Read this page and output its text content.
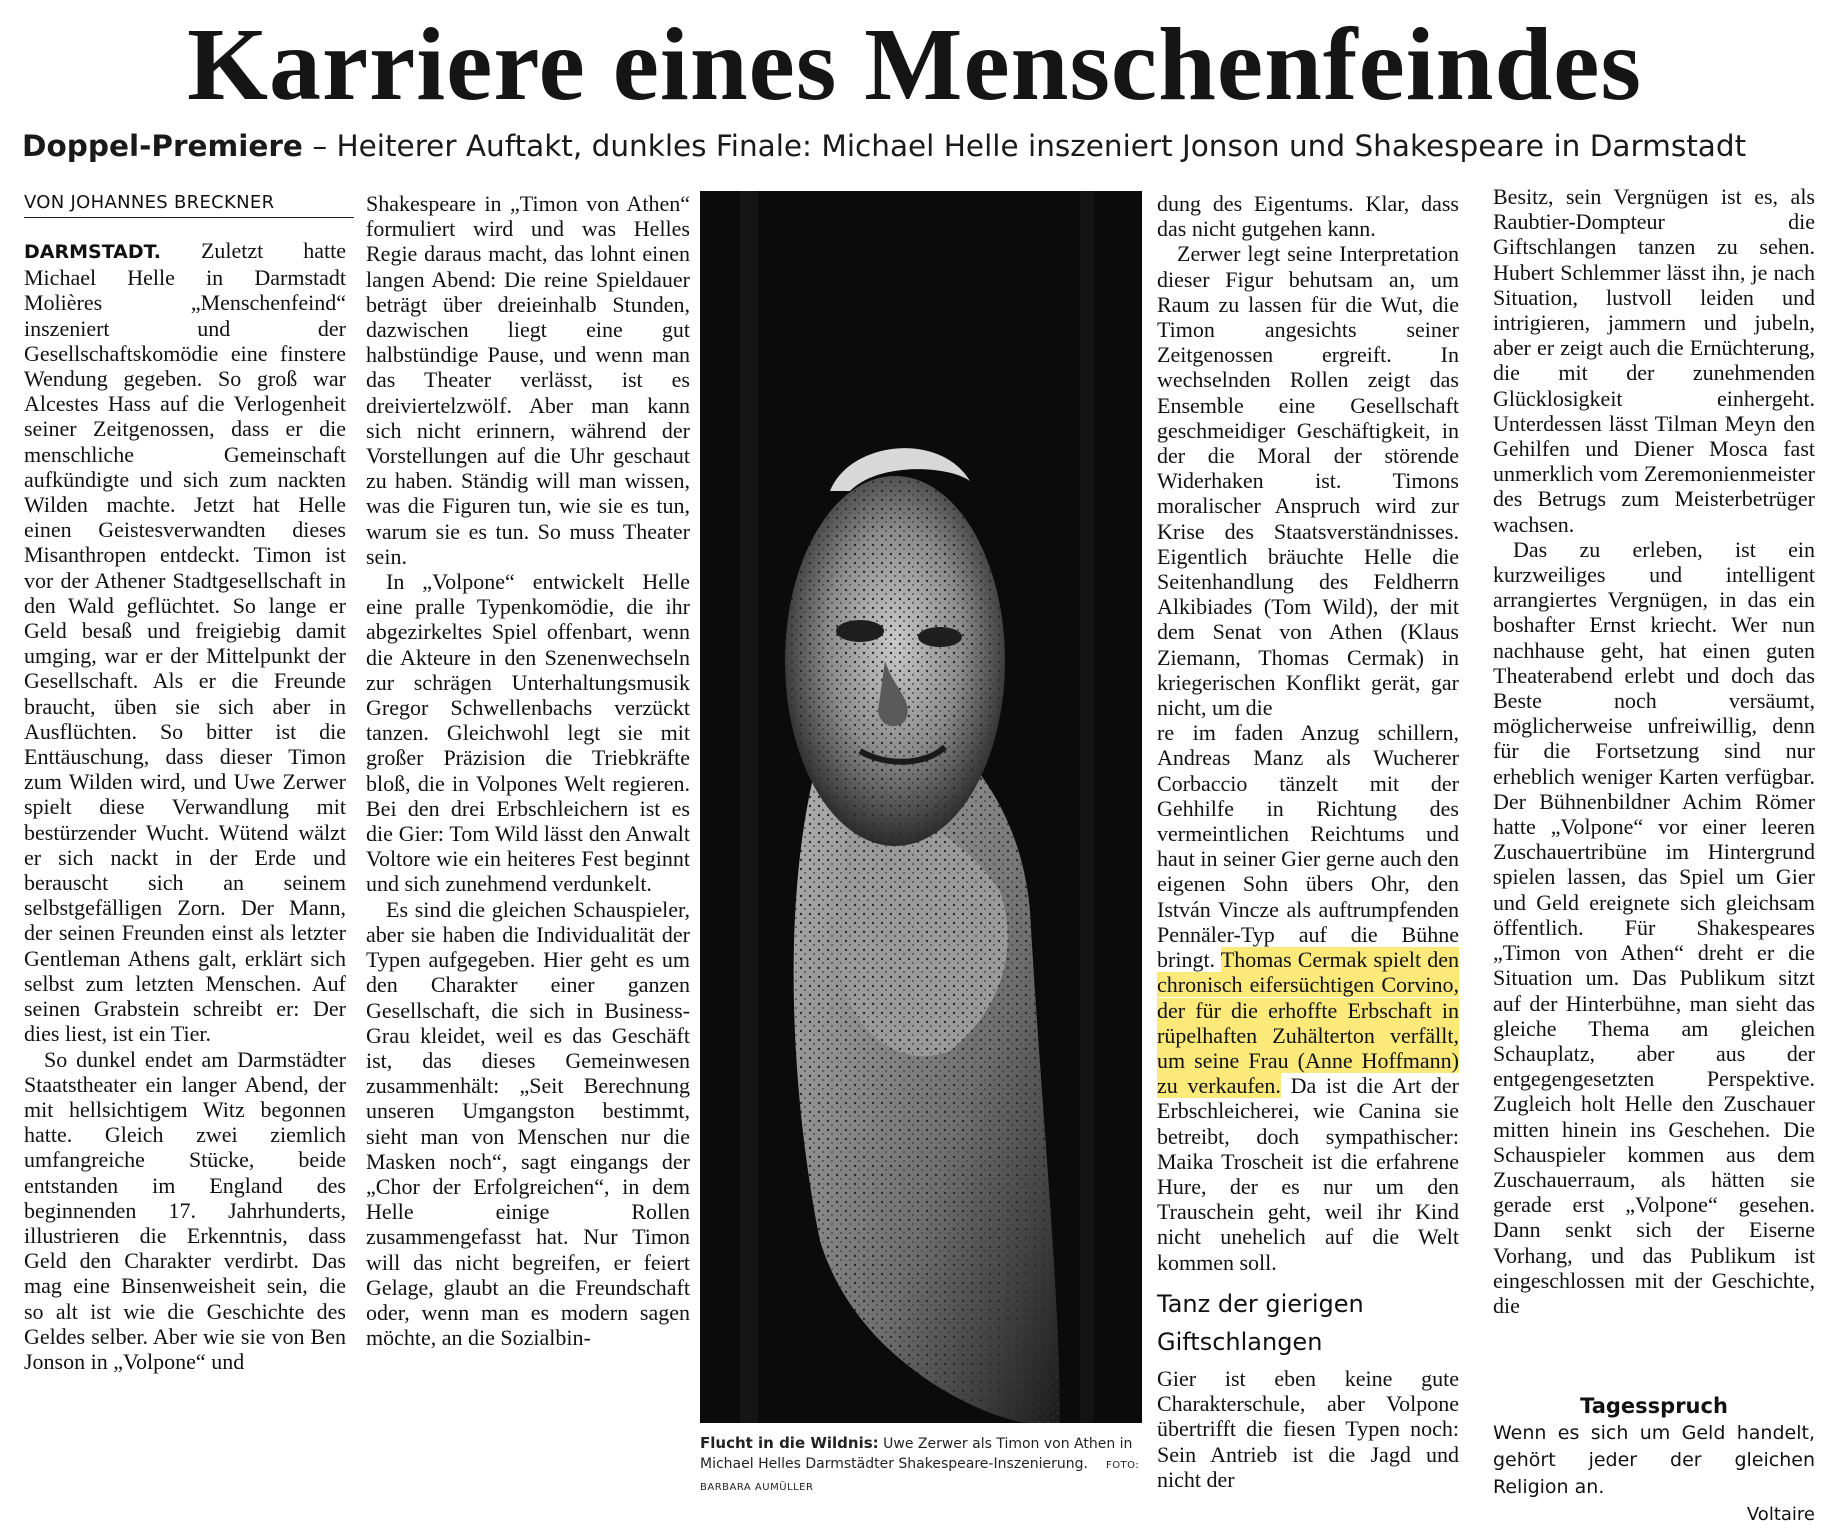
Karriere eines Menschenfeindes
Doppel-Premiere – Heiterer Auftakt, dunkles Finale: Michael Helle inszeniert Jonson und Shakespeare in Darmstadt
VON JOHANNES BRECKNER

DARMSTADT. Zuletzt hatte Michael Helle in Darmstadt Molières „Menschenfeind“ inszeniert und der Gesellschaftskomödie eine finstere Wendung gegeben. So groß war Alcestes Hass auf die Verlogenheit seiner Zeitgenossen, dass er die menschliche Gemeinschaft aufkündigte und sich zum nackten Wilden machte. Jetzt hat Helle einen Geistesverwandten dieses Misanthropen entdeckt. Timon ist vor der Athener Stadtgesellschaft in den Wald geflüchtet. So lange er Geld besaß und freigiebig damit umging, war er der Mittelpunkt der Gesellschaft. Als er die Freunde braucht, üben sie sich aber in Ausflüchten. So bitter ist die Enttäuschung, dass dieser Timon zum Wilden wird, und Uwe Zerwer spielt diese Verwandlung mit bestürzender Wucht. Wütend wälzt er sich nackt in der Erde und berauscht sich an seinem selbstgefälligen Zorn. Der Mann, der seinen Freunden einst als letzter Gentleman Athens galt, erklärt sich selbst zum letzten Menschen. Auf seinen Grabstein schreibt er: Der dies liest, ist ein Tier.

So dunkel endet am Darmstädter Staatstheater ein langer Abend, der mit hellsichtigem Witz begonnen hatte. Gleich zwei ziemlich umfangreiche Stücke, beide entstanden im England des beginnenden 17. Jahrhunderts, illustrieren die Erkenntnis, dass Geld den Charakter verdirbt. Das mag eine Binsenweisheit sein, die so alt ist wie die Geschichte des Geldes selber. Aber wie sie von Ben Jonson in „Volpone“ und

Shakespeare in „Timon von Athen“ formuliert wird und was Helles Regie daraus macht, das lohnt einen langen Abend: Die reine Spieldauer beträgt über dreieinhalb Stunden, dazwischen liegt eine gut halbstündige Pause, und wenn man das Theater verlässt, ist es dreiviertelzwölf. Aber man kann sich nicht erinnern, während der Vorstellungen auf die Uhr geschaut zu haben. Ständig will man wissen, was die Figuren tun, wie sie es tun, warum sie es tun. So muss Theater sein.

In „Volpone“ entwickelt Helle eine pralle Typenkomödie, die ihr abgezirkeltes Spiel offenbart, wenn die Akteure in den Szenenwechseln zur schrägen Unterhaltungsmusik Gregor Schwellenbachs verzückt tanzen. Gleichwohl legt sie mit großer Präzision die Triebkräfte bloß, die in Volpones Welt regieren. Bei den drei Erbschleichern ist es die Gier: Tom Wild lässt den Anwalt Voltore wie ein heiteres Fest beginnt und sich zunehmend verdunkelt.

Es sind die gleichen Schauspieler, aber sie haben die Individualität der Typen aufgegeben. Hier geht es um den Charakter einer ganzen Gesellschaft, die sich in Business-Grau kleidet, weil es das Geschäft ist, das dieses Gemeinwesen zusammenhält: „Seit Berechnung unseren Umgangston bestimmt, sieht man von Menschen nur die Masken noch“, sagt eingangs der „Chor der Erfolgreichen“, in dem Helle einige Rollen zusammengefasst hat. Nur Timon will das nicht begreifen, er feiert Gelage, glaubt an die Freundschaft oder, wenn man es modern sagen möchte, an die Sozialbin-

Flucht in die Wildnis: Uwe Zerwer als Timon von Athen in Michael Helles Darmstädter Shakespeare-Inszenierung. FOTO: BARBARA AUMÜLLER

dung des Eigentums. Klar, dass das nicht gutgehen kann.

Zerwer legt seine Interpretation dieser Figur behutsam an, um Raum zu lassen für die Wut, die Timon angesichts seiner Zeitgenossen ergreift. In wechselnden Rollen zeigt das Ensemble eine Gesellschaft geschmeidiger Geschäftigkeit, in der die Moral der störende Widerhaken ist. Timons moralischer Anspruch wird zur Krise des Staatsverständnisses. Eigentlich bräuchte Helle die Seitenhandlung des Feldherrn Alkibiades (Tom Wild), der mit dem Senat von Athen (Klaus Ziemann, Thomas Cermak) in kriegerischen Konflikt gerät, gar nicht, um die

re im faden Anzug schillern, Andreas Manz als Wucherer Corbaccio tänzelt mit der Gehhilfe in Richtung des vermeintlichen Reichtums und haut in seiner Gier gerne auch den eigenen Sohn übers Ohr, den István Vincze als auftrumpfenden Pennäler-Typ auf die Bühne bringt. Thomas Cermak spielt den chronisch eifersüchtigen Corvino, der für die erhoffte Erbschaft in rüpelhaften Zuhälterton verfällt, um seine Frau (Anne Hoffmann) zu verkaufen. Da ist die Art der Erbschleicherei, wie Canina sie betreibt, doch sympathischer: Maika Troscheit ist die erfahrene Hure, der es nur um den Trauschein geht, weil ihr Kind nicht unehelich auf die Welt kommen soll.

Tanz der gierigen Giftschlangen

Gier ist eben keine gute Charakterschule, aber Volpone übertrifft die fiesen Typen noch: Sein Antrieb ist die Jagd und nicht der

Besitz, sein Vergnügen ist es, als Raubtier-Dompteur die Giftschlangen tanzen zu sehen. Hubert Schlemmer lässt ihn, je nach Situation, lustvoll leiden und intrigieren, jammern und jubeln, aber er zeigt auch die Ernüchterung, die mit der zunehmenden Glücklosigkeit einhergeht. Unterdessen lässt Tilman Meyn den Gehilfen und Diener Mosca fast unmerklich vom Zeremonienmeister des Betrugs zum Meisterbetrüger wachsen.

Das zu erleben, ist ein kurzweiliges und intelligent arrangiertes Vergnügen, in das ein boshafter Ernst kriecht. Wer nun nachhause geht, hat einen guten Theaterabend erlebt und doch das Beste noch versäumt, möglicherweise unfreiwillig, denn für die Fortsetzung sind nur erheblich weniger Karten verfügbar. Der Bühnenbildner Achim Römer hatte „Volpone“ vor einer leeren Zuschauertribüne im Hintergrund spielen lassen, das Spiel um Gier und Geld ereignete sich gleichsam öffentlich. Für Shakespeares „Timon von Athen“ dreht er die Situation um. Das Publikum sitzt auf der Hinterbühne, man sieht das gleiche Thema am gleichen Schauplatz, aber aus der entgegengesetzten Perspektive. Zugleich holt Helle den Zuschauer mitten hinein ins Geschehen. Die Schauspieler kommen aus dem Zuschauerraum, als hätten sie gerade erst „Volpone“ gesehen. Dann senkt sich der Eiserne Vorhang, und das Publikum ist eingeschlossen mit der Geschichte, die

Tagesspruch
Wenn es sich um Geld handelt, gehört jeder der gleichen Religion an.
Voltaire
